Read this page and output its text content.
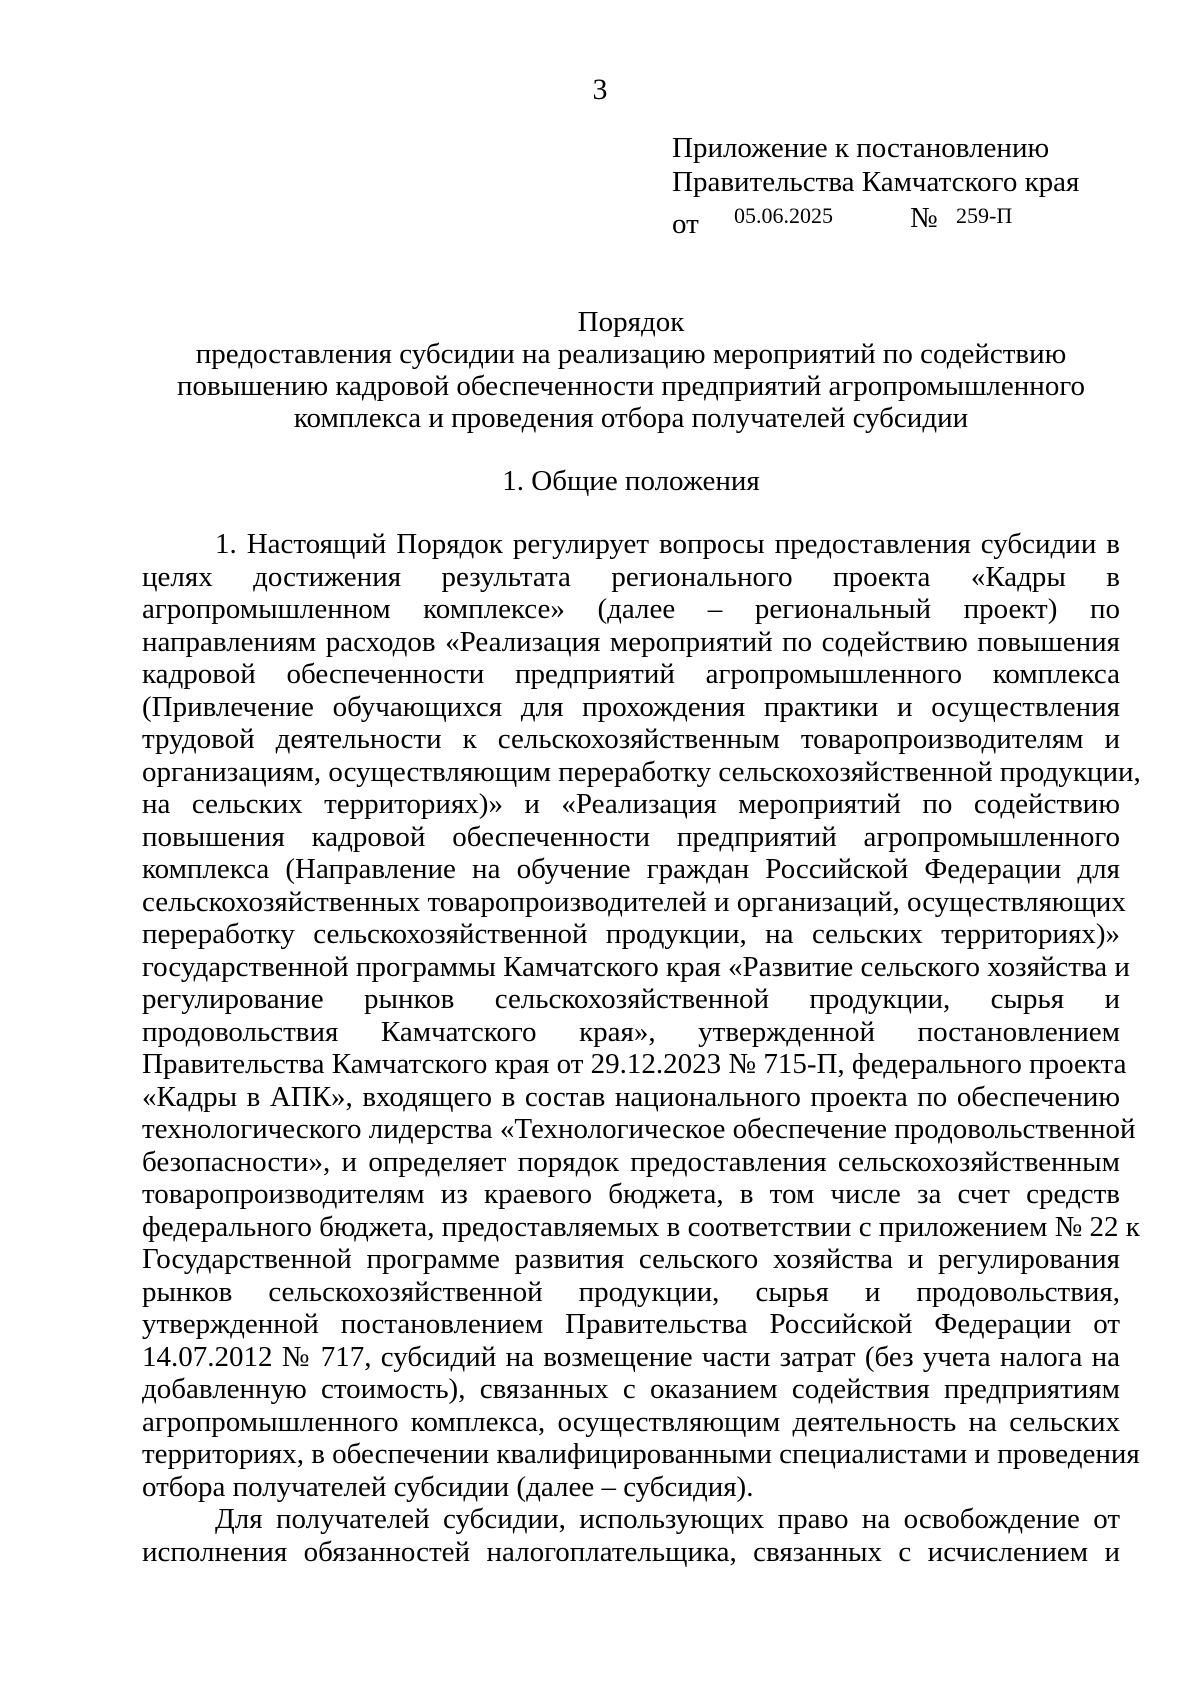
3
Приложение к постановлению
Правительства Камчатского края
от 05.06.2025	№ 259-П
Порядок
предоставления субсидии на реализацию мероприятий по содействию
повышению кадровой обеспеченности предприятий агропромышленного
комплекса и проведения отбора получателей субсидии
1. Общие положения
1. Настоящий Порядок регулирует вопросы предоставления субсидии в
целях достижения результата регионального проекта «Кадры в
агропромышленном комплексе» (далее – региональный проект) по
направлениям расходов «Реализация мероприятий по содействию повышения
кадровой обеспеченности предприятий агропромышленного комплекса
(Привлечение обучающихся для прохождения практики и осуществления
трудовой деятельности к сельскохозяйственным товаропроизводителям и
организациям, осуществляющим переработку сельскохозяйственной продукции,
на сельских территориях)» и «Реализация мероприятий по содействию
повышения кадровой обеспеченности предприятий агропромышленного
комплекса (Направление на обучение граждан Российской Федерации для
сельскохозяйственных товаропроизводителей и организаций, осуществляющих
переработку сельскохозяйственной продукции, на сельских территориях)»
государственной программы Камчатского края «Развитие сельского хозяйства и
регулирование рынков сельскохозяйственной продукции, сырья и
продовольствия Камчатского края», утвержденной постановлением
Правительства Камчатского края от 29.12.2023 № 715-П, федерального проекта
«Кадры в АПК», входящего в состав национального проекта по обеспечению
технологического лидерства «Технологическое обеспечение продовольственной
безопасности», и определяет порядок предоставления сельскохозяйственным
товаропроизводителям из краевого бюджета, в том числе за счет средств
федерального бюджета, предоставляемых в соответствии с приложением № 22 к
Государственной программе развития сельского хозяйства и регулирования
рынков сельскохозяйственной продукции, сырья и продовольствия,
утвержденной постановлением Правительства Российской Федерации от
14.07.2012 № 717, субсидий на возмещение части затрат (без учета налога на
добавленную стоимость), связанных с оказанием содействия предприятиям
агропромышленного комплекса, осуществляющим деятельность на сельских
территориях, в обеспечении квалифицированными специалистами и проведения
отбора получателей субсидии (далее – субсидия).
Для получателей субсидии, использующих право на освобождение от
исполнения обязанностей налогоплательщика, связанных с исчислением и
